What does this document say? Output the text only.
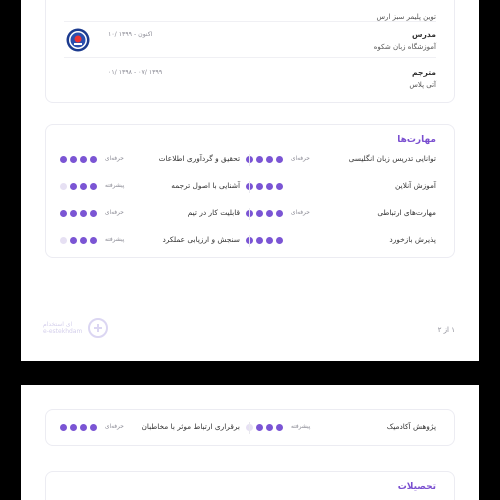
توین پلیمر سبز ارس
۱۰/ ۱۳۹۹ - اکنون	مدرس
آموزشگاه زبان شکوه
۰۱/ ۱۳۹۸ - ۰۷/ ۱۳۹۹	مترجم
آتی پلاس
مهارت‌ها
توانایی تدریس زبان انگلیسی
حرفه‌ای
تحقیق و گردآوری اطلاعات
حرفه‌ای
آموزش آنلاین
آشنایی با اصول ترجمه
پیشرفته
مهارت‌های ارتباطی
حرفه‌ای
قابلیت کار در تیم
حرفه‌ای
پذیرش بازخورد
سنجش و ارزیابی عملکرد
پیشرفته
ای استخدام
e-estekhdam	۱ از ۲
پژوهش آکادمیک
پیشرفته
برقراری ارتباط موثر با مخاطبان
حرفه‌ای
تحصیلات
